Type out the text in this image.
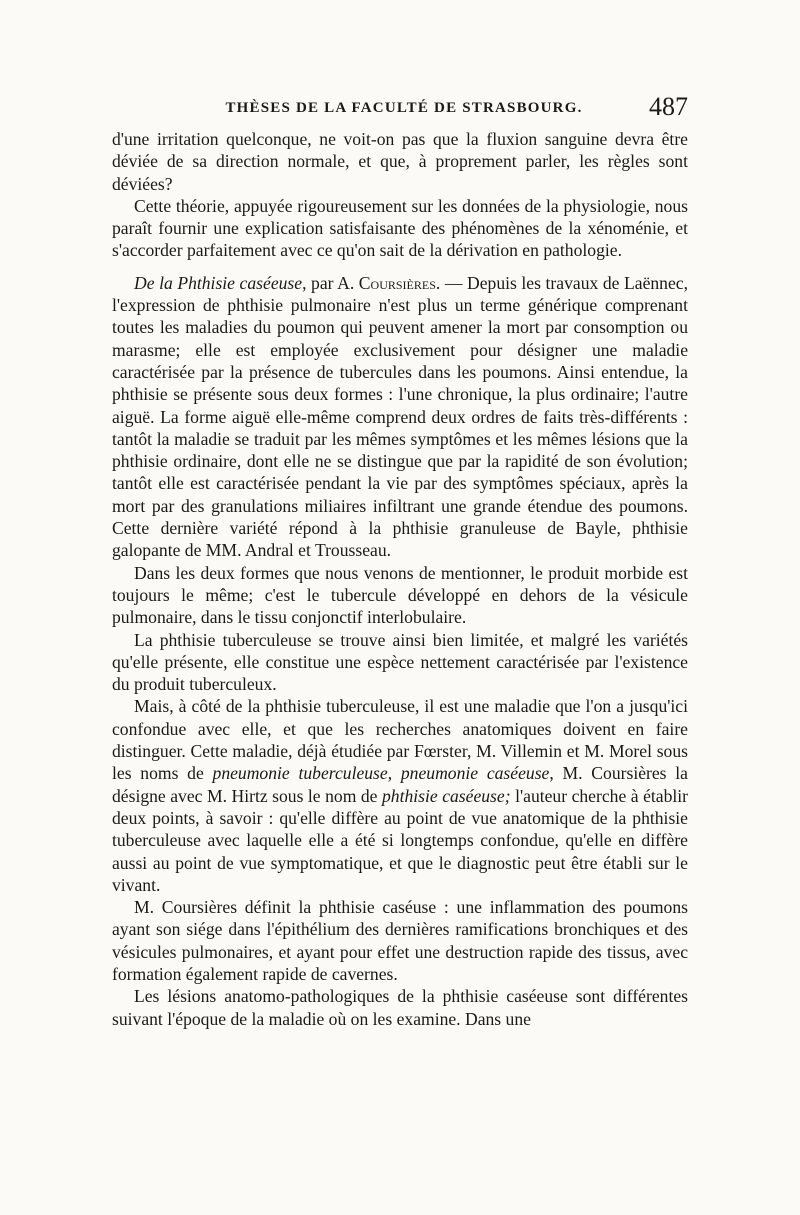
THÈSES DE LA FACULTÉ DE STRASBOURG.	487

d'une irritation quelconque, ne voit-on pas que la fluxion sanguine devra être déviée de sa direction normale, et que, à proprement parler, les règles sont déviées?

Cette théorie, appuyée rigoureusement sur les données de la physiologie, nous paraît fournir une explication satisfaisante des phénomènes de la xénoménie, et s'accorder parfaitement avec ce qu'on sait de la dérivation en pathologie.

De la Phthisie caséeuse, par A. Coursières. — Depuis les travaux de Laënnec, l'expression de phthisie pulmonaire n'est plus un terme générique comprenant toutes les maladies du poumon qui peuvent amener la mort par consomption ou marasme; elle est employée exclusivement pour désigner une maladie caractérisée par la présence de tubercules dans les poumons. Ainsi entendue, la phthisie se présente sous deux formes : l'une chronique, la plus ordinaire; l'autre aiguë. La forme aiguë elle-même comprend deux ordres de faits très-différents : tantôt la maladie se traduit par les mêmes symptômes et les mêmes lésions que la phthisie ordinaire, dont elle ne se distingue que par la rapidité de son évolution; tantôt elle est caractérisée pendant la vie par des symptômes spéciaux, après la mort par des granulations miliaires infiltrant une grande étendue des poumons. Cette dernière variété répond à la phthisie granuleuse de Bayle, phthisie galopante de MM. Andral et Trousseau.

Dans les deux formes que nous venons de mentionner, le produit morbide est toujours le même; c'est le tubercule développé en dehors de la vésicule pulmonaire, dans le tissu conjonctif interlobulaire.

La phthisie tuberculeuse se trouve ainsi bien limitée, et malgré les variétés qu'elle présente, elle constitue une espèce nettement caractérisée par l'existence du produit tuberculeux.

Mais, à côté de la phthisie tuberculeuse, il est une maladie que l'on a jusqu'ici confondue avec elle, et que les recherches anatomiques doivent en faire distinguer. Cette maladie, déjà étudiée par Fœrster, M. Villemin et M. Morel sous les noms de pneumonie tuberculeuse, pneumonie caséeuse, M. Coursières la désigne avec M. Hirtz sous le nom de phthisie caséeuse; l'auteur cherche à établir deux points, à savoir : qu'elle diffère au point de vue anatomique de la phthisie tuberculeuse avec laquelle elle a été si longtemps confondue, qu'elle en diffère aussi au point de vue symptomatique, et que le diagnostic peut être établi sur le vivant.

M. Coursières définit la phthisie caséuse : une inflammation des poumons ayant son siége dans l'épithélium des dernières ramifications bronchiques et des vésicules pulmonaires, et ayant pour effet une destruction rapide des tissus, avec formation également rapide de cavernes.

Les lésions anatomo-pathologiques de la phthisie caséeuse sont différentes suivant l'époque de la maladie où on les examine. Dans une
